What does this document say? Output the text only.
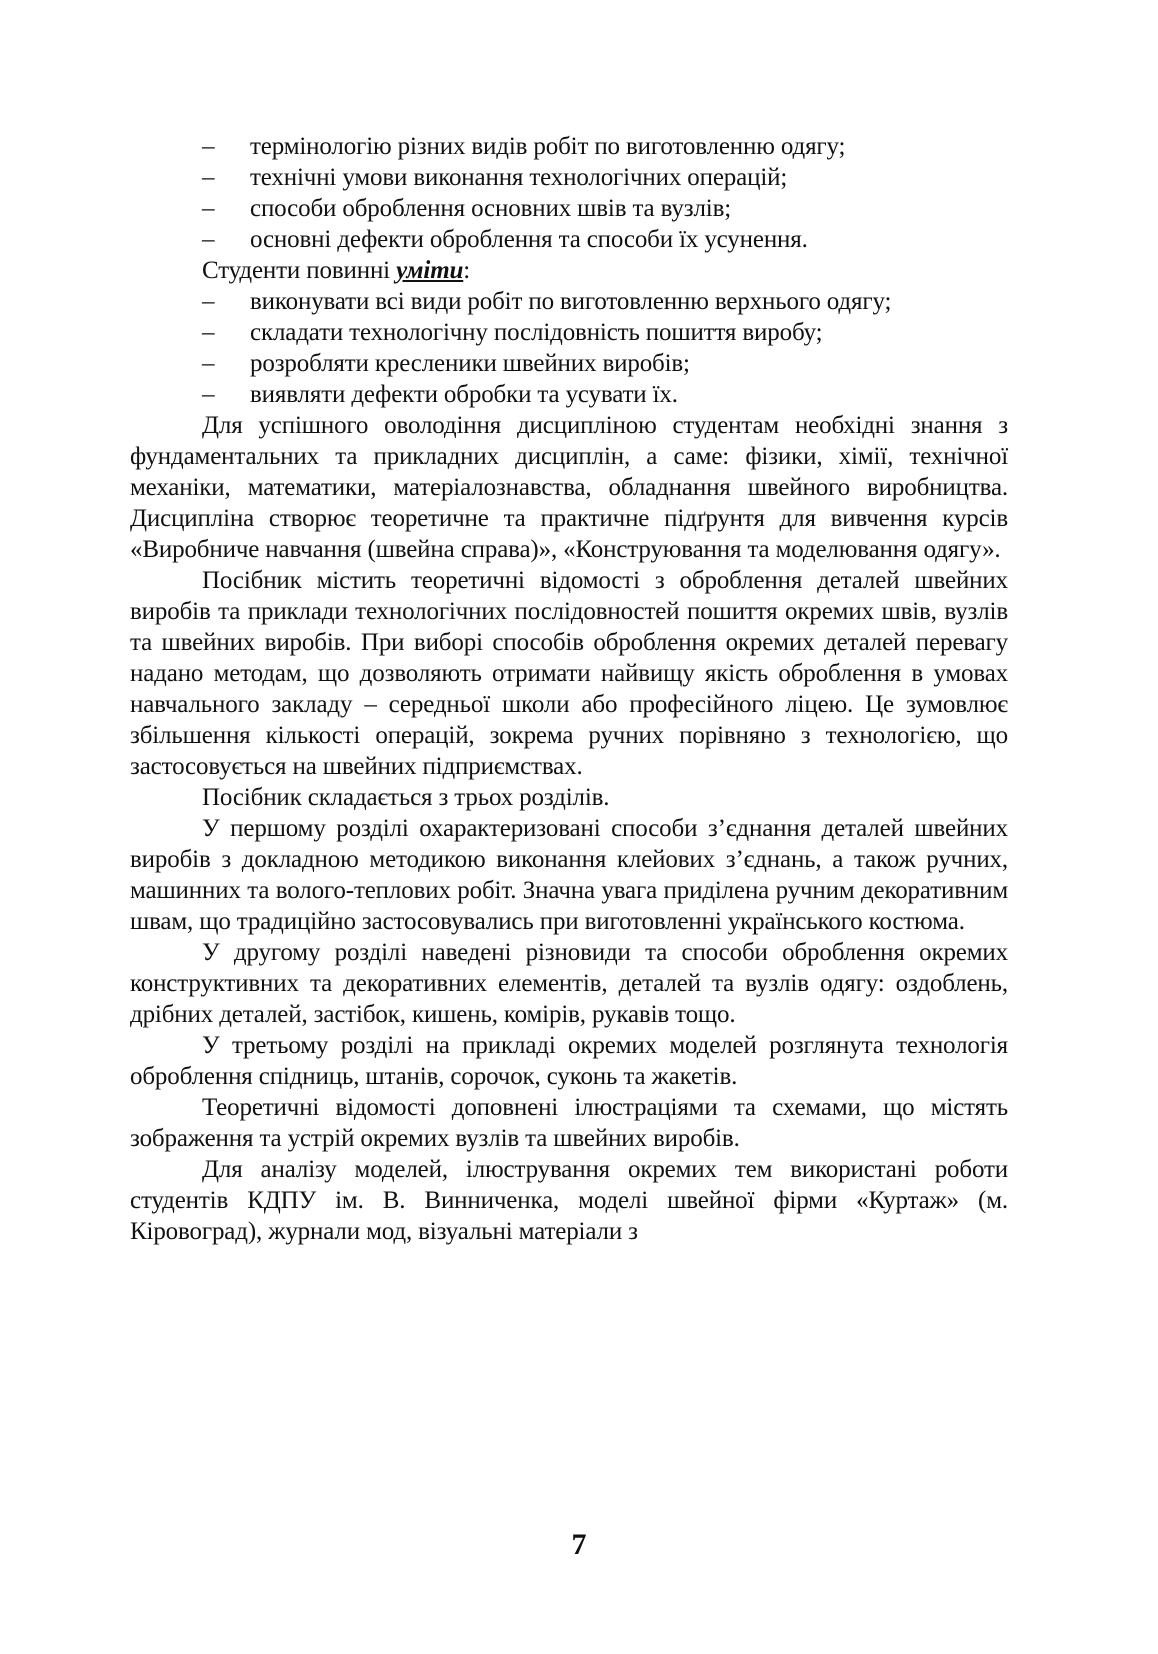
– термінологію різних видів робіт по виготовленню одягу;
– технічні умови виконання технологічних операцій;
– способи оброблення основних швів та вузлів;
– основні дефекти оброблення та способи їх усунення.
Студенти повинні уміти:
– виконувати всі види робіт по виготовленню верхнього одягу;
– складати технологічну послідовність пошиття виробу;
– розробляти креслeники швейних виробів;
– виявляти дефекти обробки та усувати їх.

Для успішного оволодіння дисципліною студентам необхідні знання з фундаментальних та прикладних дисциплін, а саме: фізики, хімії, технічної механіки, математики, матеріалознавства, обладнання швейного виробництва. Дисципліна створює теоретичне та практичне підґрунтя для вивчення курсів «Виробниче навчання (швейна справа)», «Конструювання та моделювання одягу».

Посібник містить теоретичні відомості з оброблення деталей швейних виробів та приклади технологічних послідовностей пошиття окремих швів, вузлів та швейних виробів. При виборі способів оброблення окремих деталей перевагу надано методам, що дозволяють отримати найвищу якість оброблення в умовах навчального закладу – середньої школи або професійного ліцею. Це зумовлює збільшення кількості операцій, зокрема ручних порівняно з технологією, що застосовується на швейних підприємствах.

Посібник складається з трьох розділів.

У першому розділі охарактеризовані способи з’єднання деталей швейних виробів з докладною методикою виконання клейових з’єднань, а також ручних, машинних та волого-теплових робіт. Значна увага приділена ручним декоративним швам, що традиційно застосовувались при виготовленні українського костюма.

У другому розділі наведені різновиди та способи оброблення окремих конструктивних та декоративних елементів, деталей та вузлів одягу: оздоблень, дрібних деталей, застібок, кишень, комірів, рукавів тощо.

У третьому розділі на прикладі окремих моделей розглянута технологія оброблення спідниць, штанів, сорочок, суконь та жакетів.

Теоретичні відомості доповнені ілюстраціями та схемами, що містять зображення та устрій окремих вузлів та швейних виробів.

Для аналізу моделей, ілюстрування окремих тем використані роботи студентів КДПУ ім. В. Винниченка, моделі швейної фірми «Куртаж» (м. Кіровоград), журнали мод, візуальні матеріали з

7
